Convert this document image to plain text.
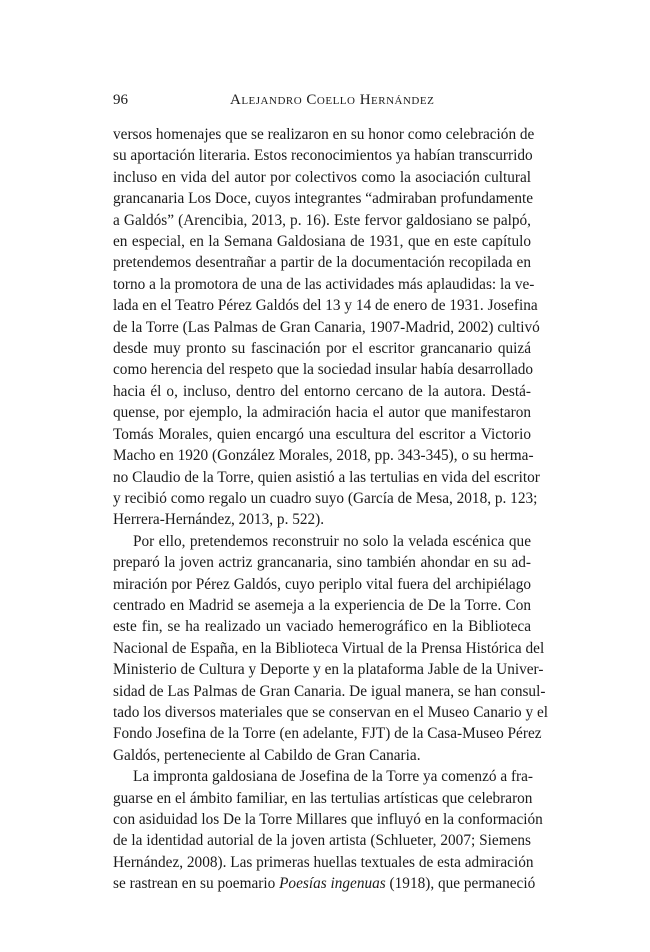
96	Alejandro Coello Hernández
versos homenajes que se realizaron en su honor como celebración de
su aportación literaria. Estos reconocimientos ya habían transcurrido
incluso en vida del autor por colectivos como la asociación cultural
grancanaria Los Doce, cuyos integrantes “admiraban profundamente
a Galdós” (Arencibia, 2013, p. 16). Este fervor galdosiano se palpó,
en especial, en la Semana Galdosiana de 1931, que en este capítulo
pretendemos desentrañar a partir de la documentación recopilada en
torno a la promotora de una de las actividades más aplaudidas: la ve-
lada en el Teatro Pérez Galdós del 13 y 14 de enero de 1931. Josefina
de la Torre (Las Palmas de Gran Canaria, 1907-Madrid, 2002) cultivó
desde muy pronto su fascinación por el escritor grancanario quizá
como herencia del respeto que la sociedad insular había desarrollado
hacia él o, incluso, dentro del entorno cercano de la autora. Destá-
quense, por ejemplo, la admiración hacia el autor que manifestaron
Tomás Morales, quien encargó una escultura del escritor a Victorio
Macho en 1920 (González Morales, 2018, pp. 343-345), o su herma-
no Claudio de la Torre, quien asistió a las tertulias en vida del escritor
y recibió como regalo un cuadro suyo (García de Mesa, 2018, p. 123;
Herrera-Hernández, 2013, p. 522).
Por ello, pretendemos reconstruir no solo la velada escénica que
preparó la joven actriz grancanaria, sino también ahondar en su ad-
miración por Pérez Galdós, cuyo periplo vital fuera del archipiélago
centrado en Madrid se asemeja a la experiencia de De la Torre. Con
este fin, se ha realizado un vaciado hemerográfico en la Biblioteca
Nacional de España, en la Biblioteca Virtual de la Prensa Histórica del
Ministerio de Cultura y Deporte y en la plataforma Jable de la Univer-
sidad de Las Palmas de Gran Canaria. De igual manera, se han consul-
tado los diversos materiales que se conservan en el Museo Canario y el
Fondo Josefina de la Torre (en adelante, FJT) de la Casa-Museo Pérez
Galdós, perteneciente al Cabildo de Gran Canaria.
La impronta galdosiana de Josefina de la Torre ya comenzó a fra-
guarse en el ámbito familiar, en las tertulias artísticas que celebraron
con asiduidad los De la Torre Millares que influyó en la conformación
de la identidad autorial de la joven artista (Schlueter, 2007; Siemens
Hernández, 2008). Las primeras huellas textuales de esta admiración
se rastrean en su poemario Poesías ingenuas (1918), que permaneció
